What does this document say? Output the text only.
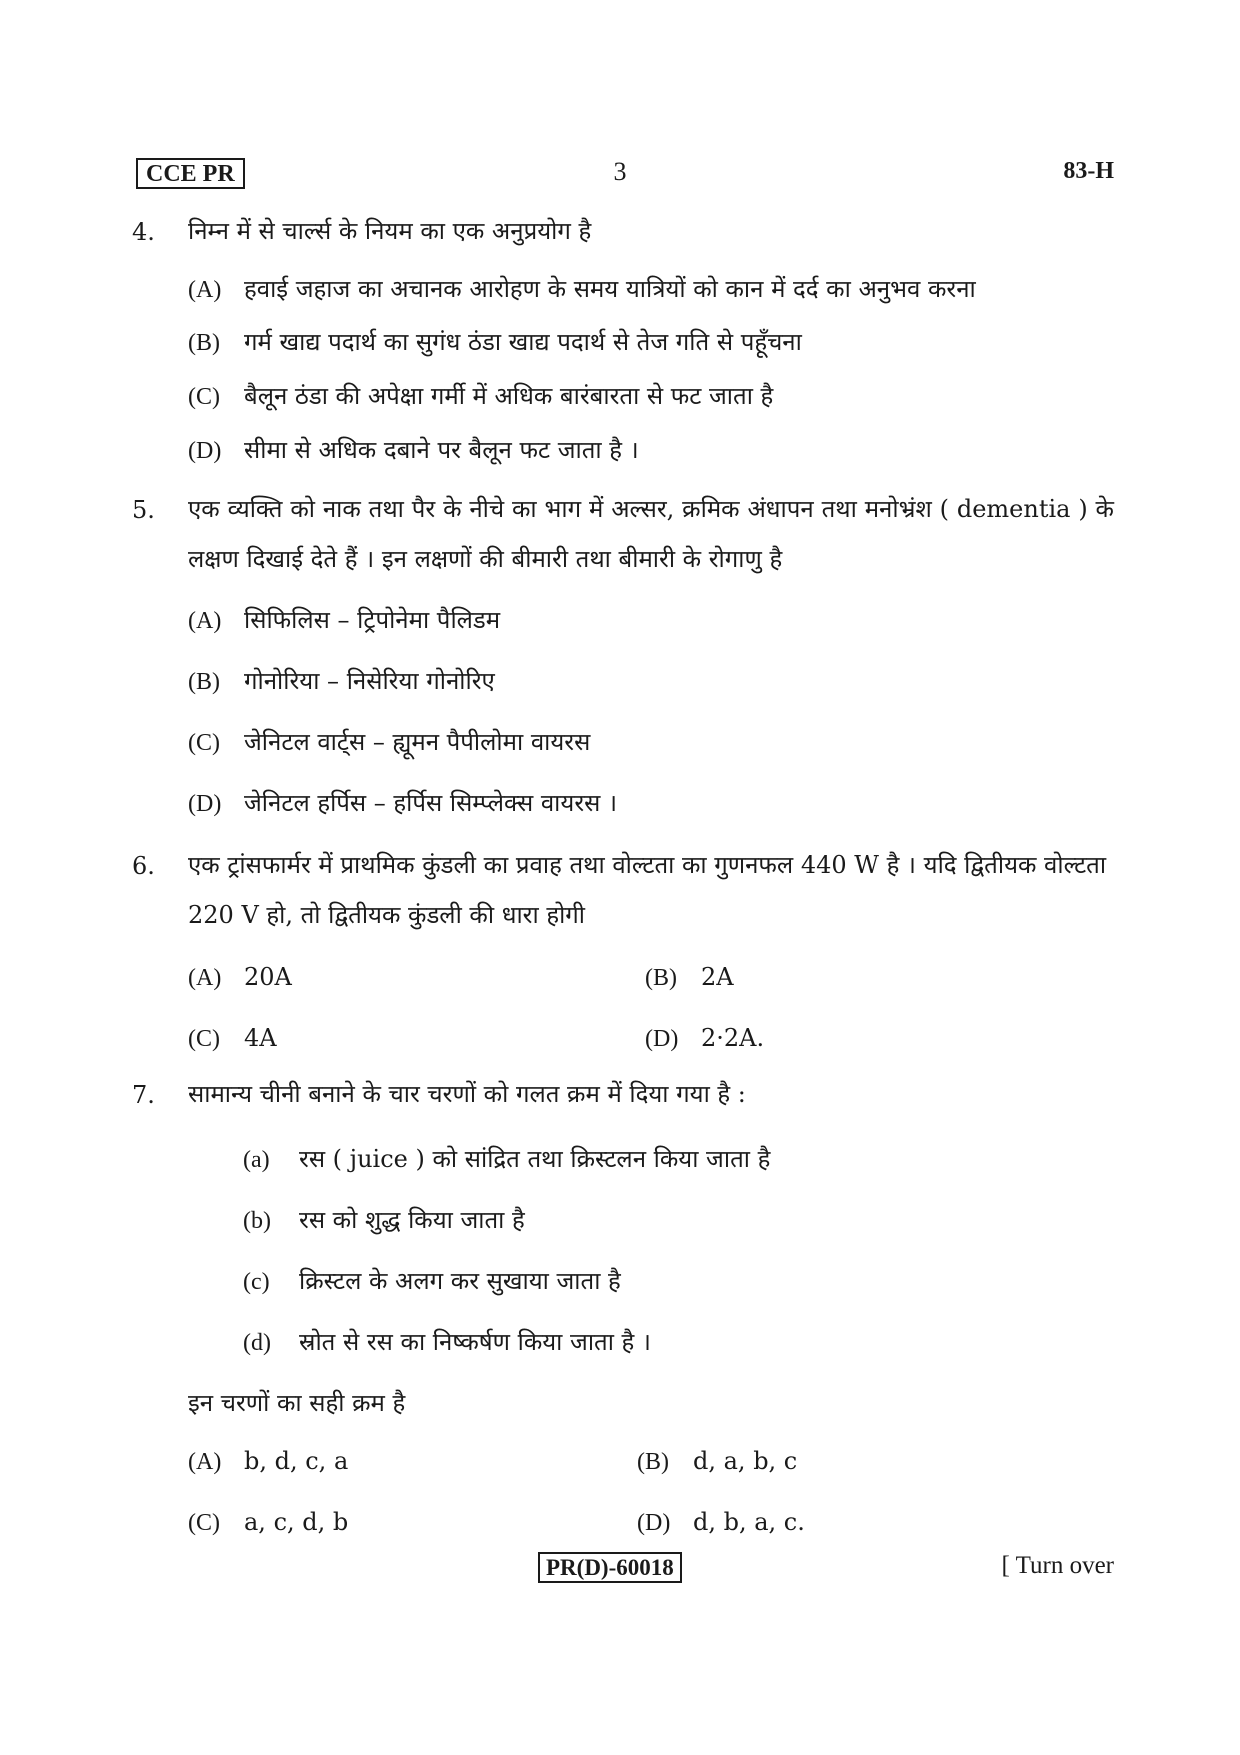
CCE PR	3	83-H
4. निम्न में से चार्ल्स के नियम का एक अनुप्रयोग है
(A) हवाई जहाज का अचानक आरोहण के समय यात्रियों को कान में दर्द का अनुभव करना
(B) गर्म खाद्य पदार्थ का सुगंध ठंडा खाद्य पदार्थ से तेज गति से पहूँचना
(C) बैलून ठंडा की अपेक्षा गर्मी में अधिक बारंबारता से फट जाता है
(D) सीमा से अधिक दबाने पर बैलून फट जाता है ।
5. एक व्यक्ति को नाक तथा पैर के नीचे का भाग में अल्सर, क्रमिक अंधापन तथा मनोभ्रंश ( dementia ) के लक्षण दिखाई देते हैं । इन लक्षणों की बीमारी तथा बीमारी के रोगाणु है
(A) सिफिलिस – ट्रिपोनेमा पैलिडम
(B) गोनोरिया – निसेरिया गोनोरिए
(C) जेनिटल वार्ट्स – ह्यूमन पैपीलोमा वायरस
(D) जेनिटल हर्पिस – हर्पिस सिम्प्लेक्स वायरस ।
6. एक ट्रांसफार्मर में प्राथमिक कुंडली का प्रवाह तथा वोल्टता का गुणनफल 440 W है । यदि द्वितीयक वोल्टता 220 V हो, तो द्वितीयक कुंडली की धारा होगी
(A) 20A	(B) 2A
(C) 4A	(D) 2·2A.
7. सामान्य चीनी बनाने के चार चरणों को गलत क्रम में दिया गया है :
(a) रस ( juice ) को सांद्रित तथा क्रिस्टलन किया जाता है
(b) रस को शुद्ध किया जाता है
(c) क्रिस्टल के अलग कर सुखाया जाता है
(d) स्रोत से रस का निष्कर्षण किया जाता है ।
इन चरणों का सही क्रम है
(A) b, d, c, a	(B) d, a, b, c
(C) a, c, d, b	(D) d, b, a, c.
PR(D)-60018	[ Turn over
